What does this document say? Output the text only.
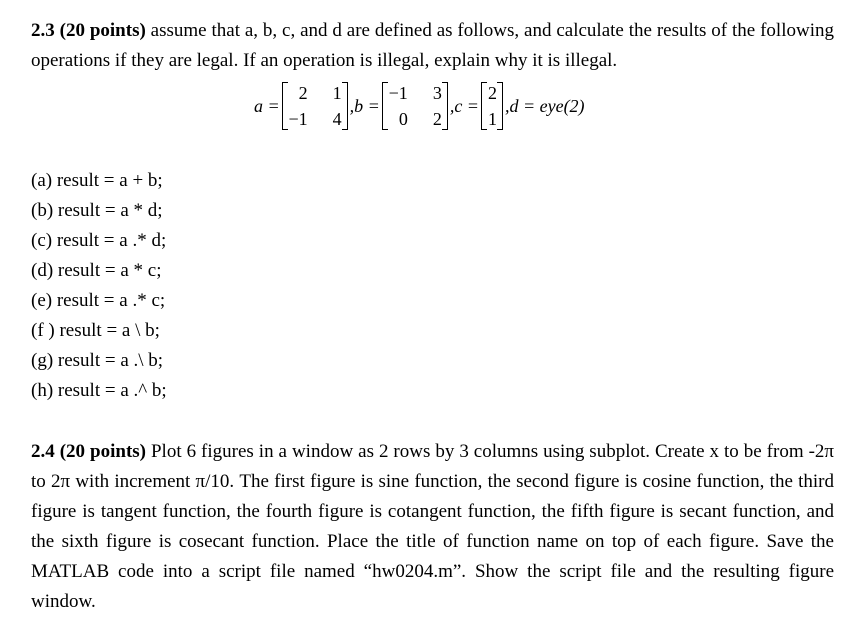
2.3 (20 points) assume that a, b, c, and d are defined as follows, and calculate the results of the following operations if they are legal. If an operation is illegal, explain why it is illegal.
a =
2	1
−1	4
,b =
−1	3
0	2
,c =
2
1
,d = eye(2)
(a) result = a + b;
(b) result = a * d;
(c) result = a .* d;
(d) result = a * c;
(e) result = a .* c;
(f ) result = a \ b;
(g) result = a .\ b;
(h) result = a .^ b;
2.4 (20 points) Plot 6 figures in a window as 2 rows by 3 columns using subplot. Create x to be from -2π to 2π with increment π/10. The first figure is sine function, the second figure is cosine function, the third figure is tangent function, the fourth figure is cotangent function, the fifth figure is secant function, and the sixth figure is cosecant function. Place the title of function name on top of each figure. Save the MATLAB code into a script file named “hw0204.m”. Show the script file and the resulting figure window.
